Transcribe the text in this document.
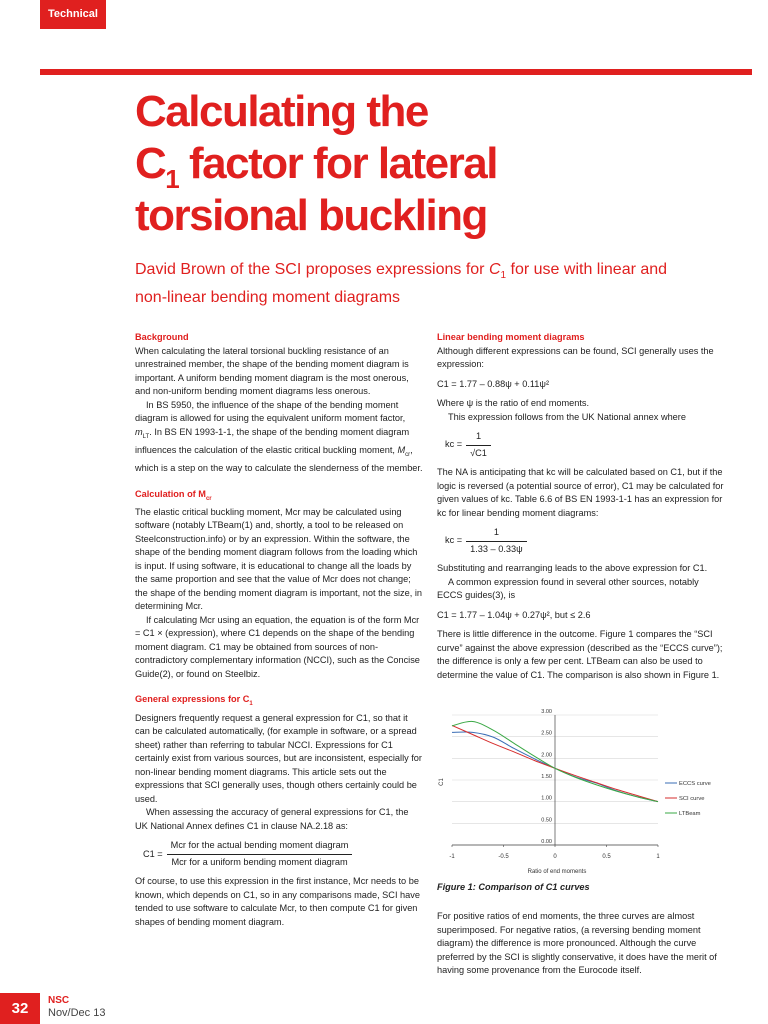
Technical
Calculating the
$C_1$ factor for lateral
torsional buckling
David Brown of the SCI proposes expressions for $C_1$ for use with linear and non-linear bending moment diagrams
Background

When calculating the lateral torsional buckling resistance of an unrestrained member, the shape of the bending moment diagram is important. A uniform bending moment diagram is the most onerous, and non-uniform bending moment diagrams less onerous.

In BS 5950, the influence of the shape of the bending moment diagram is allowed for using the equivalent uniform moment factor, $m_{LT}$. In BS EN 1993-1-1, the shape of the bending moment diagram influences the calculation of the elastic critical buckling moment, $M_{cr}$, which is a step on the way to calculate the slenderness of the member.

Calculation of $M_{cr}$

The elastic critical buckling moment, Mcr may be calculated using software (notably LTBeam(1) and, shortly, a tool to be released on Steelconstruction.info) or by an expression. Within the software, the shape of the bending moment diagram follows from the loading which is input. If using software, it is educational to change all the loads by the same proportion and see that the value of Mcr does not change; the shape of the bending moment diagram is important, not the size, in determining Mcr.

If calculating Mcr using an equation, the equation is of the form Mcr = C1 × (expression), where C1 depends on the shape of the bending moment diagram. C1 may be obtained from sources of non-contradictory complementary information (NCCI), such as the Concise Guide(2), or found on Steelbiz.

General expressions for $C_1$

Designers frequently request a general expression for C1, so that it can be calculated automatically, (for example in software, or a spread sheet) rather than referring to tabular NCCI. Expressions for C1 certainly exist from various sources, but are inconsistent, especially for non-linear bending moment diagrams. This article sets out the expressions that SCI generally uses, though others certainly could be used.

When assessing the accuracy of general expressions for C1, the UK National Annex defines C1 in clause NA.2.18 as:

$C1 = \frac{\text{Mcr for the actual bending moment diagram}}{\text{Mcr for a uniform bending moment diagram}}$

Of course, to use this expression in the first instance, Mcr needs to be known, which depends on C1, so in any comparisons made, SCI have tended to use software to calculate Mcr, to then compute C1 for given shapes of bending moment diagram.

Linear bending moment diagrams

Although different expressions can be found, SCI generally uses the expression:

C1 = 1.77 – 0.88ψ + 0.11ψ²

Where ψ is the ratio of end moments.

This expression follows from the UK National annex where

kc = $\frac{1}{√C1}$

The NA is anticipating that kc will be calculated based on C1, but if the logic is reversed (a potential source of error), C1 may be calculated for given values of kc. Table 6.6 of BS EN 1993-1-1 has an expression for kc for linear bending moment diagrams:

kc = $\frac{1}{1.33 - 0.33\psi}$

Substituting and rearranging leads to the above expression for C1.

A common expression found in several other sources, notably ECCS guides(3), is

C1 = 1.77 – 1.04ψ + 0.27ψ², but ≤ 2.6

There is little difference in the outcome. Figure 1 compares the “SCI curve” against the above expression (described as the “ECCS curve”); the difference is only a few per cent. LTBeam can also be used to determine the value of C1. The comparison is also shown in Figure 1.

0.00
0.50
1.00
1.50
2.00
2.50
3.00
-1	-0.5	0	0.5	1
Ratio of end moments
C1	ECCS curve
SCI curve
LTBeam
Figure 1: Comparison of C1 curves

For positive ratios of end moments, the three curves are almost superimposed. For negative ratios, (a reversing bending moment diagram) the difference is more pronounced. Although the curve preferred by the SCI is slightly conservative, it does have the merit of having some provenance from the Eurocode itself.

32	NSC
Nov/Dec 13
